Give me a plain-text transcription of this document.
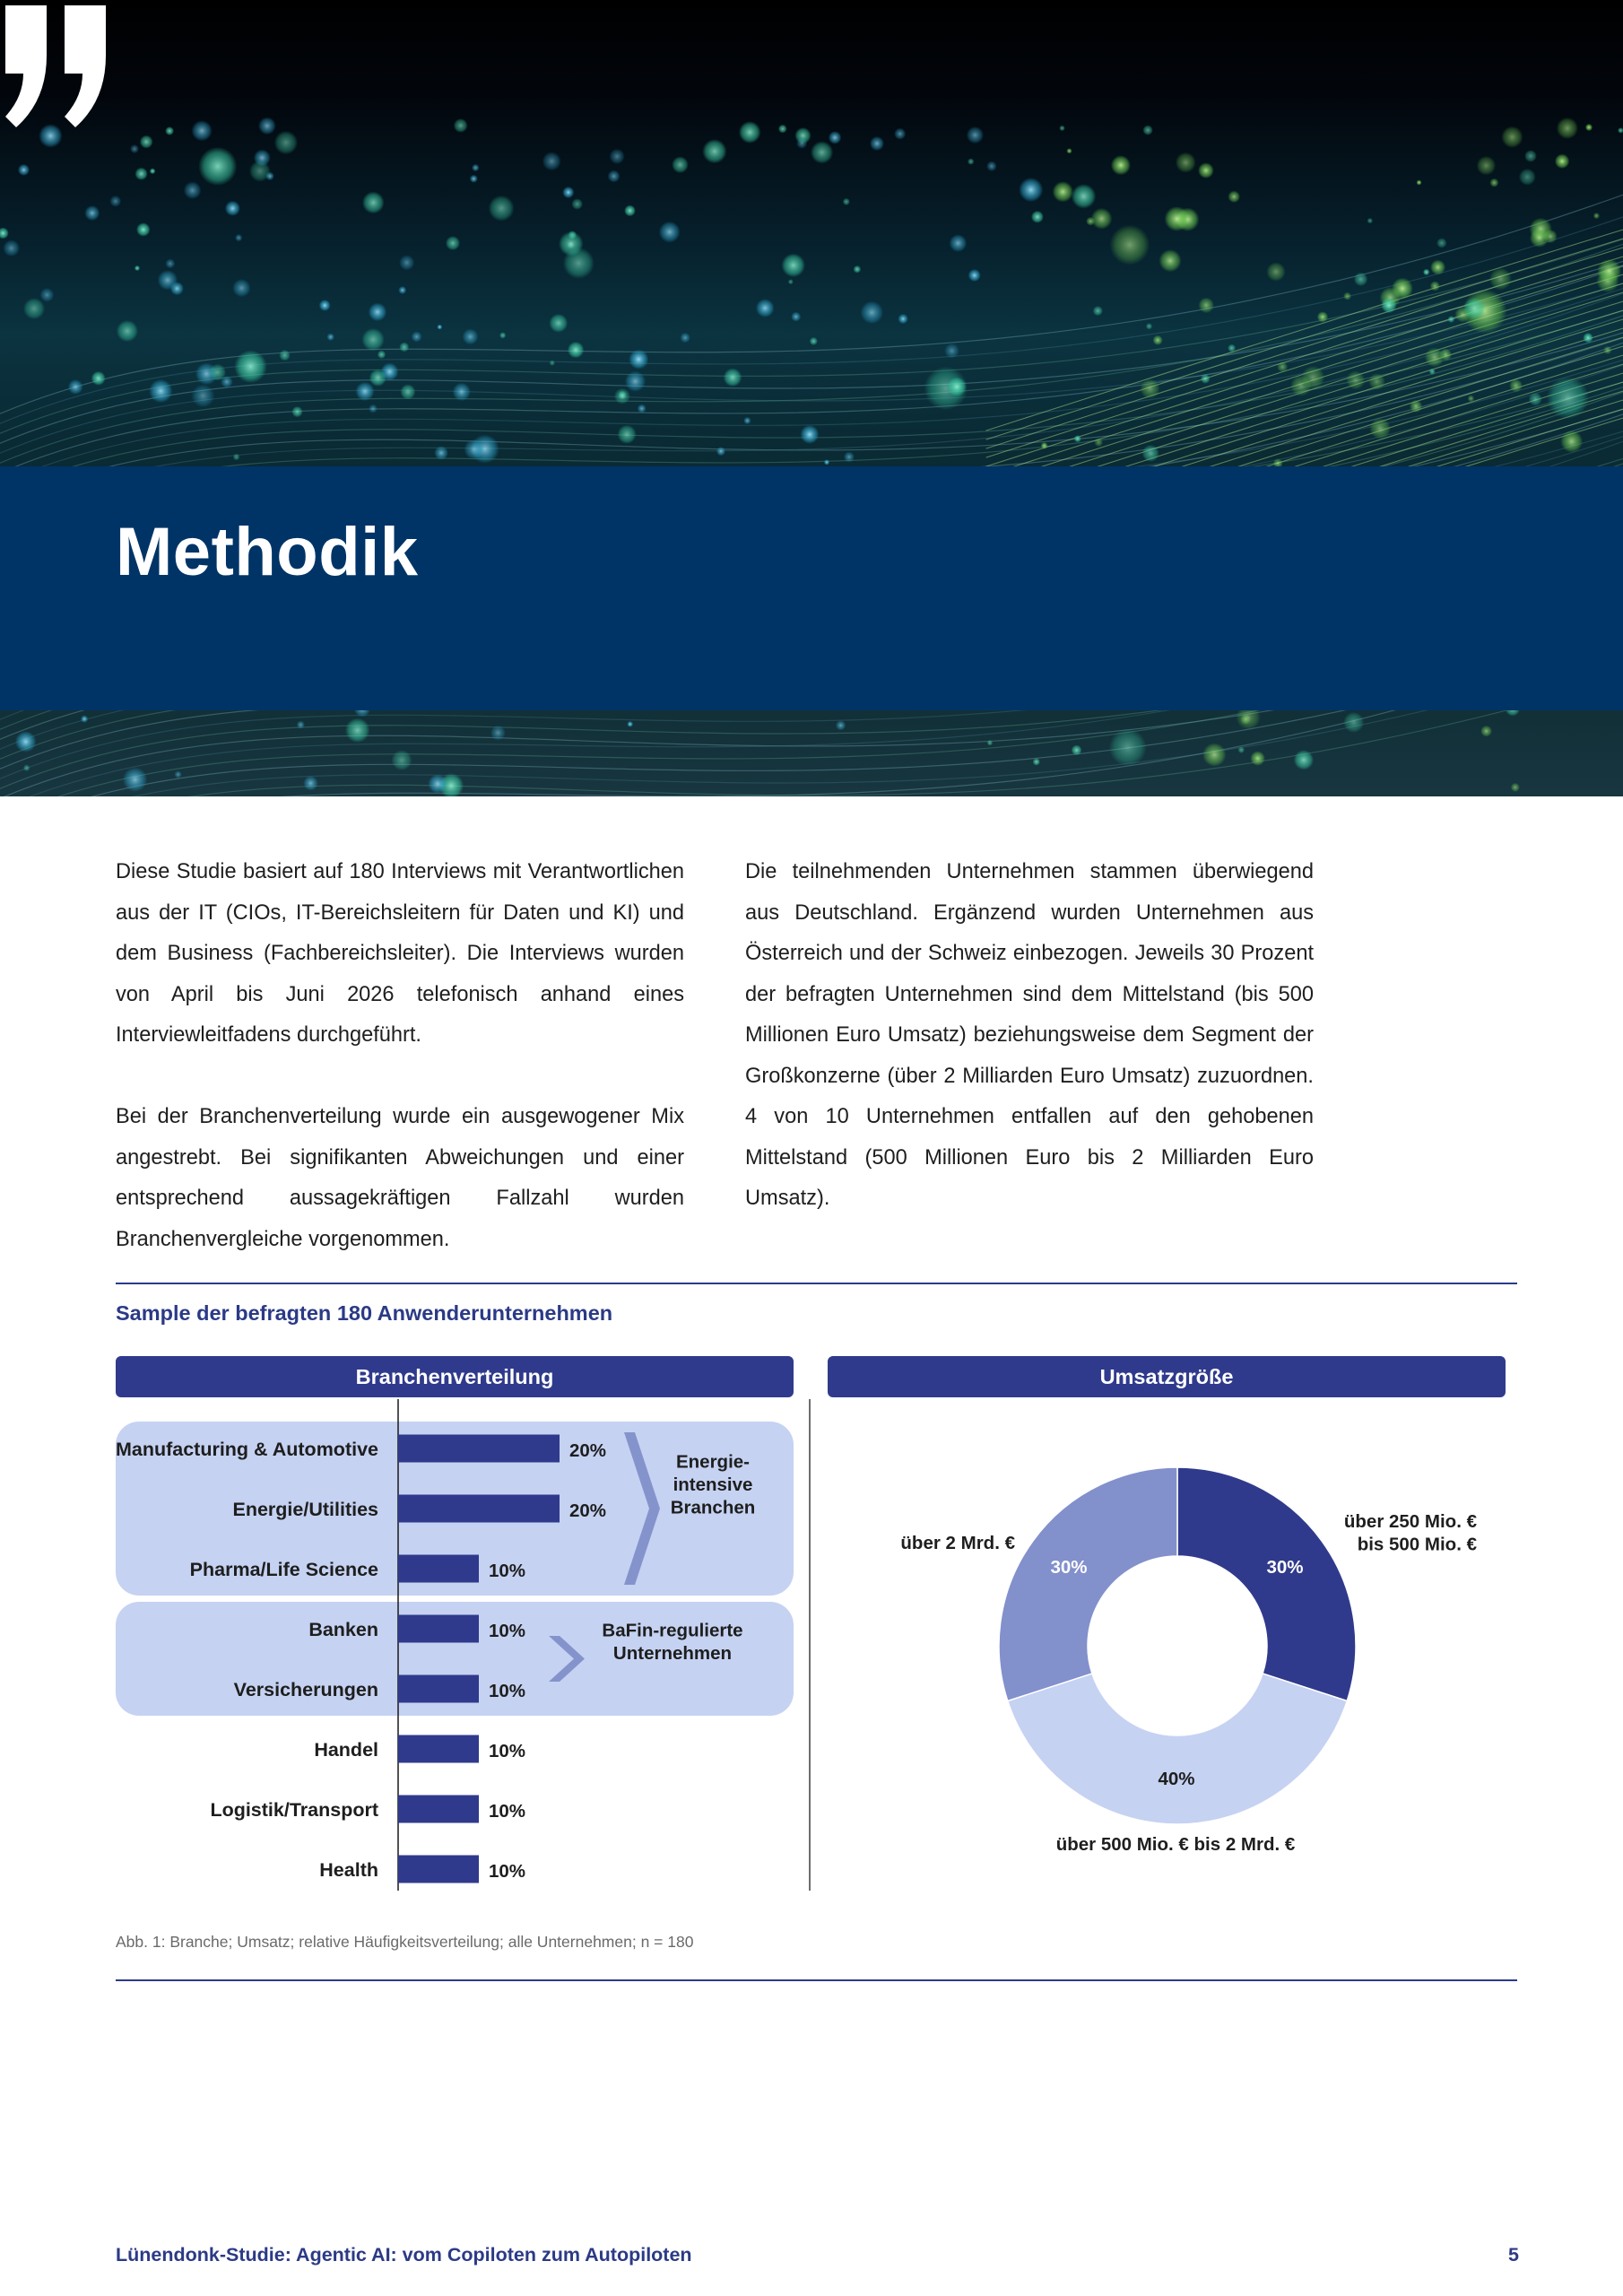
Methodik

Diese Studie basiert auf 180 Interviews mit Verantwortlichen aus der IT (CIOs, IT-Bereichsleitern für Daten und KI) und dem Business (Fachbereichsleiter). Die Interviews wurden von April bis Juni 2026 telefonisch anhand eines Interviewleitfadens durchgeführt.

Bei der Branchenverteilung wurde ein ausgewogener Mix angestrebt. Bei signifikanten Abweichungen und einer entsprechend aussagekräftigen Fallzahl wurden Branchenvergleiche vorgenommen.

Die teilnehmenden Unternehmen stammen überwiegend aus Deutschland. Ergänzend wurden Unternehmen aus Österreich und der Schweiz einbezogen. Jeweils 30 Prozent der befragten Unternehmen sind dem Mittelstand (bis 500 Millionen Euro Umsatz) beziehungsweise dem Segment der Großkonzerne (über 2 Milliarden Euro Umsatz) zuzuordnen. 4 von 10 Unternehmen entfallen auf den gehobenen Mittelstand (500 Millionen Euro bis 2 Milliarden Euro Umsatz).

Sample der befragten 180 Anwenderunternehmen
Branchenverteilung	Umsatzgröße
Manufacturing & Automotive	20%
Energie/Utilities	20%
Pharma/Life Science	10%
Banken	10%
Versicherungen	10%
Handel	10%
Logistik/Transport	10%
Health	10%
Energie-intensive Branchen
BaFin-regulierte Unternehmen
30%
über 250 Mio. € bis 500 Mio. €
40%
über 500 Mio. € bis 2 Mrd. €
30%
über 2 Mrd. €
Abb. 1: Branche; Umsatz; relative Häufigkeitsverteilung; alle Unternehmen; n = 180
Lünendonk-Studie: Agentic AI: vom Copiloten zum Autopiloten	5
